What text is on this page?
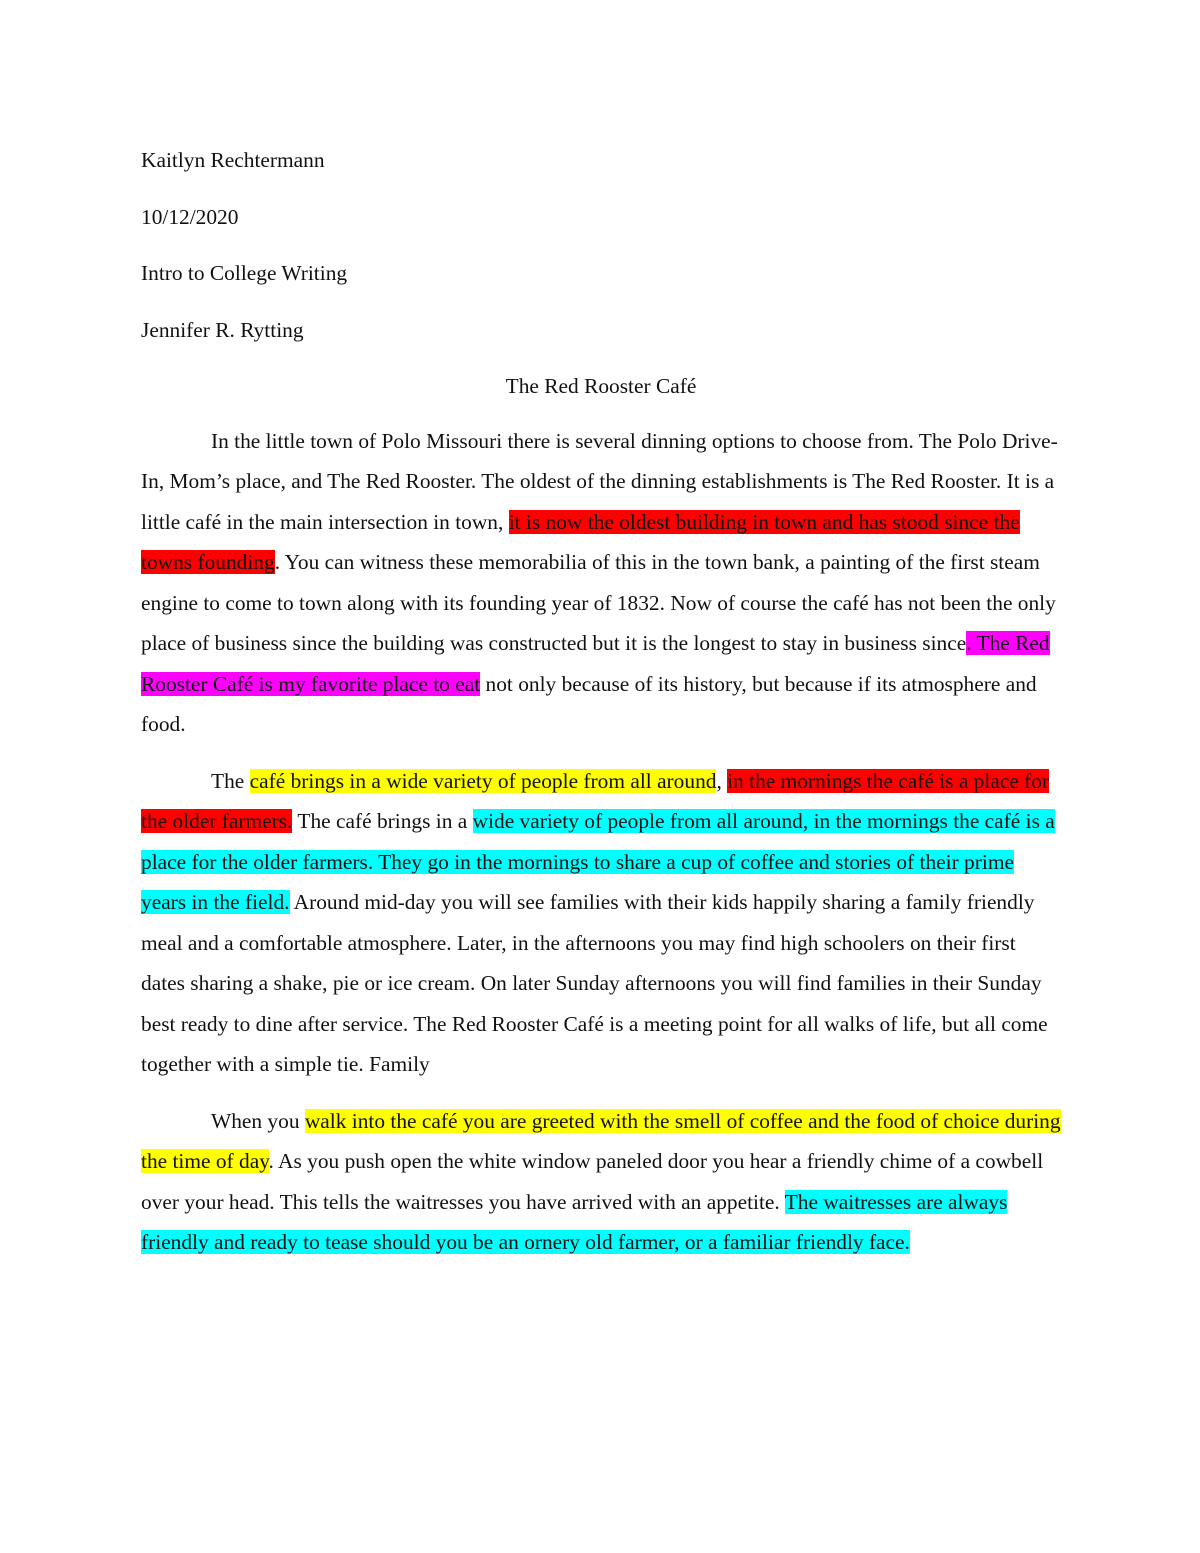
Kaitlyn Rechtermann
10/12/2020
Intro to College Writing
Jennifer R. Rytting
The Red Rooster Café

In the little town of Polo Missouri there is several dinning options to choose from. The Polo Drive-In, Mom’s place, and The Red Rooster. The oldest of the dinning establishments is The Red Rooster. It is a little café in the main intersection in town, it is now the oldest building in town and has stood since the towns founding. You can witness these memorabilia of this in the town bank, a painting of the first steam engine to come to town along with its founding year of 1832. Now of course the café has not been the only place of business since the building was constructed but it is the longest to stay in business since. The Red Rooster Café is my favorite place to eat not only because of its history, but because if its atmosphere and food.

The café brings in a wide variety of people from all around, in the mornings the café is a place for the older farmers. The café brings in a wide variety of people from all around, in the mornings the café is a place for the older farmers. They go in the mornings to share a cup of coffee and stories of their prime years in the field. Around mid-day you will see families with their kids happily sharing a family friendly meal and a comfortable atmosphere. Later, in the afternoons you may find high schoolers on their first dates sharing a shake, pie or ice cream. On later Sunday afternoons you will find families in their Sunday best ready to dine after service. The Red Rooster Café is a meeting point for all walks of life, but all come together with a simple tie. Family

When you walk into the café you are greeted with the smell of coffee and the food of choice during the time of day. As you push open the white window paneled door you hear a friendly chime of a cowbell over your head. This tells the waitresses you have arrived with an appetite. The waitresses are always friendly and ready to tease should you be an ornery old farmer, or a familiar friendly face.
